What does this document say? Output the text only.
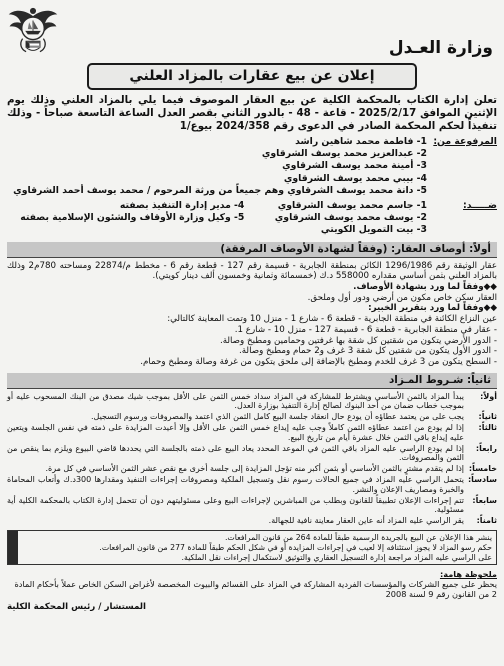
وزارة العـدل
إعلان عن بيع عقارات بالمزاد العلني

تعلن إدارة الكتاب بالمحكمة الكلية عن بيع العقار الموصوف فيما يلي بالمزاد العلني وذلك يوم الإثنين الموافق 2025/2/17 - قاعة - 48 - بالدور الثاني بقصر العدل الساعة التاسعة صباحاً - وذلك تنفيذاً لحكم المحكمة الصادر في الدعوى رقم 2024/358 بيوع/1

المرفوعة من:
1- فاطمة محمد شاهين راشد
2- عبدالعزيز محمد يوسف الشرقاوي
3- أمينة محمد يوسف الشرقاوي
4- بيبي محمد يوسف الشرقاوي
5- دانة محمد يوسف الشرقاوي وهم جميعاً من ورثة المرحوم / محمد يوسف أحمد الشرقاوي
ضـــــد:
1- جاسم محمد يوسف الشرقاوي
4- مدير إدارة التنفيذ بصفته
2- يوسف محمد يوسف الشرقاوي
5- وكيل وزارة الأوقاف والشئون الإسلامية بصفته
3- بيت التمويل الكويتي
أولاً: أوصاف العقار: (وفقاً لشهادة الأوصاف المرفقة)

عقار الوثيقة رقم 1296/1986 الكائن بمنطقة الجابرية - قسيمة رقم 127 - قطعة رقم 6 - مخطط م/22874 ومساحته 780م2 وذلك بالمزاد العلني بثمن أساسي مقداره 558000 د.ك (خمسمائة وثمانية وخمسون ألف دينار كويتي).

◆◆وفقاً لما ورد بشهادة الأوصاف.
العقار سكن خاص مكون من أرضي ودور أول وملحق.
◆◆وفقاً لما ورد بتقرير الخبير:
عين النزاع الكائنة في منطقة الجابرية - قطعة 6 - شارع 1 - منزل 10 وتمت المعاينة كالتالي:
- عقار في منطقة الجابرية - قطعة 6 - قسيمة 127 - منزل 10 - شارع 1.
- الدور الأرضي يتكون من شقتين كل شقة بها غرفتين وحمامين ومطبخ وصالة.
- الدور الأول يتكون من شقتين كل شقة 3 غرف و2 حمام ومطبخ وصالة.
- السطح يتكون من 3 غرف للخدم ومطبخ بالإضافة إلى ملحق يتكون من غرفة وصالة ومطبخ وحمام.
ثانياً: شـروط المـزاد
أولاً:
يبدأ المزاد بالثمن الأساسي ويشترط للمشاركة في المزاد سداد خمس الثمن على الأقل بموجب شيك مصدق من البنك المسحوب عليه أو بموجب خطاب ضمان من أحد البنوك لصالح إدارة التنفيذ بوزارة العدل.
ثانياً:
يجب على من يعتمد عطاؤه أن يودع حال انعقاد جلسة البيع كامل الثمن الذي اعتمد والمصروفات ورسوم التسجيل.
ثالثاً:
إذا لم يودع من اعتمد عطاؤه الثمن كاملاً وجب عليه إيداع خمس الثمن على الأقل وإلا أعيدت المزايدة على ذمته في نفس الجلسة ويتعين عليه إيداع باقي الثمن خلال عشرة أيام من تاريخ البيع.
رابعاً:
إذا لم يودع الراسي عليه المزاد باقي الثمن في الموعد المحدد يعاد البيع على ذمته بالجلسة التي يحددها قاضي البيوع ويلزم بما ينقص من الثمن والمصروفات.
خامساً:
إذا لم يتقدم مشترٍ بالثمن الأساسي أو بثمن أكبر منه تؤجل المزايدة إلى جلسة أخرى مع نقص عشر الثمن الأساسي في كل مرة.
سادساً:
يتحمل الراسي عليه المزاد في جميع الحالات رسوم نقل وتسجيل الملكية ومصروفات إجراءات التنفيذ ومقدارها 300د.ك وأتعاب المحاماة والخبرة ومصاريف الإعلان والنشر.
سابعاً:
تتم إجراءات الإعلان تطبيقاً للقانون وبطلب من المباشرين لإجراءات البيع وعلى مسئوليتهم دون أن تتحمل إدارة الكتاب بالمحكمة الكلية أية مسئولية.
ثامناً:
يقر الراسي عليه المزاد أنه عاين العقار معاينة نافية للجهالة.
ينشر هذا الإعلان عن البيع بالجريدة الرسمية طبقاً للمادة 264 من قانون المرافعات.
حكم رسو المزاد لا يجوز استئنافه إلا لعيب في إجراءات المزايدة أو في شكل الحكم طبقاً للمادة 277 من قانون المرافعات.
على الراسي عليه المزاد مراجعة إدارة التسجيل العقاري والتوثيق لاستكمال إجراءات نقل الملكية.
ملحوظة هامة:
يحظر على جميع الشركات والمؤسسات الفردية المشاركة في المزاد على القسائم والبيوت المخصصة لأغراض السكن الخاص عملاً بأحكام المادة 2 من القانون رقم 9 لسنة 2008
المستشار / رئيس المحكمة الكلية
